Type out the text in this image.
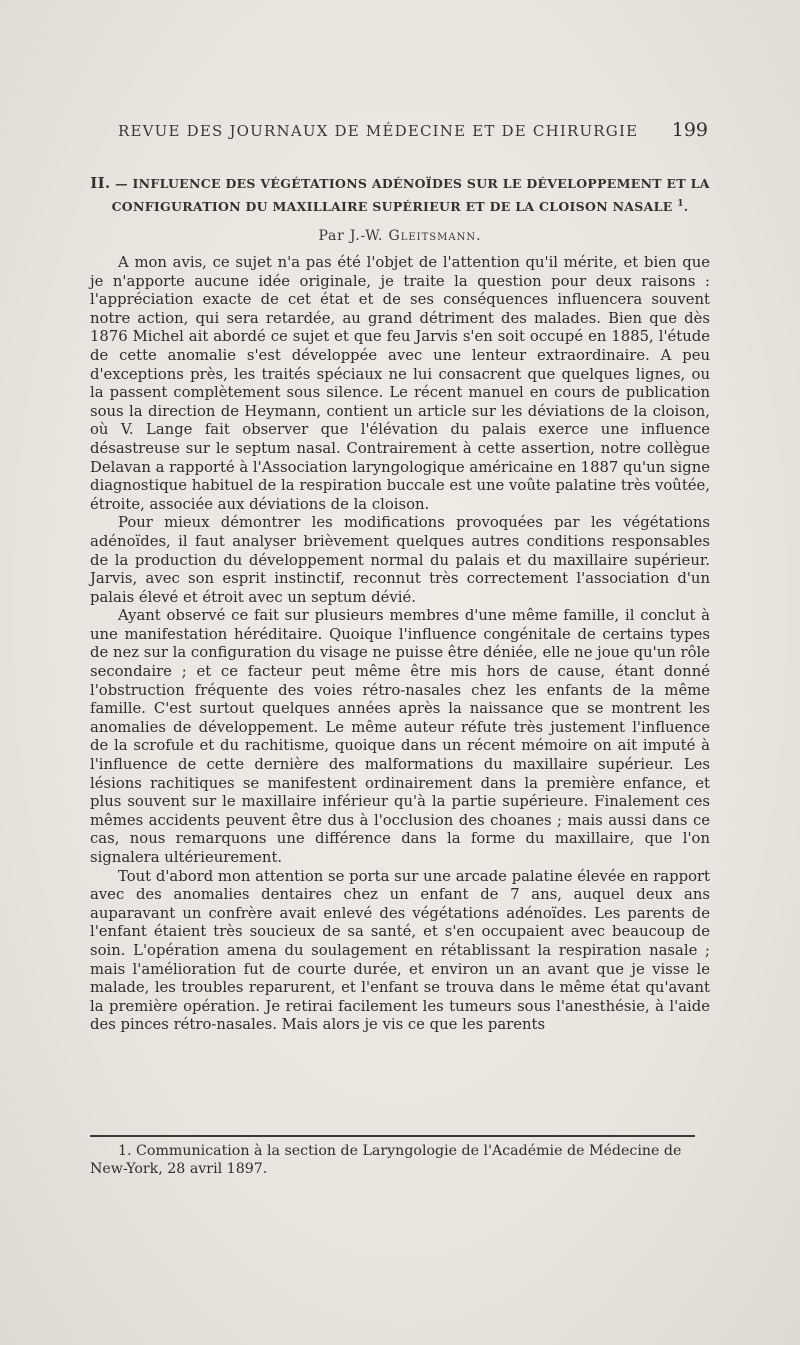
REVUE DES JOURNAUX DE MÉDECINE ET DE CHIRURGIE 199
II. — INFLUENCE DES VÉGÉTATIONS ADÉNOÏDES SUR LE DÉVELOPPEMENT ET LA
CONFIGURATION DU MAXILLAIRE SUPÉRIEUR ET DE LA CLOISON NASALE $^1$.
Par J.-W. Gleitsmann.

A mon avis, ce sujet n'a pas été l'objet de l'attention qu'il mérite, et bien que je n'apporte aucune idée originale, je traite la question pour deux raisons : l'appréciation exacte de cet état et de ses conséquences influencera souvent notre action, qui sera retardée, au grand détriment des malades. Bien que dès 1876 Michel ait abordé ce sujet et que feu Jarvis s'en soit occupé en 1885, l'étude de cette anomalie s'est développée avec une lenteur extraordinaire. A peu d'exceptions près, les traités spéciaux ne lui consacrent que quelques lignes, ou la passent complètement sous silence. Le récent manuel en cours de publication sous la direction de Heymann, contient un article sur les déviations de la cloison, où V. Lange fait observer que l'élévation du palais exerce une influence désastreuse sur le septum nasal. Contrairement à cette assertion, notre collègue Delavan a rapporté à l'Association laryngologique américaine en 1887 qu'un signe diagnostique habituel de la respiration buccale est une voûte palatine très voûtée, étroite, associée aux déviations de la cloison.

Pour mieux démontrer les modifications provoquées par les végétations adénoïdes, il faut analyser brièvement quelques autres conditions responsables de la production du développement normal du palais et du maxillaire supérieur. Jarvis, avec son esprit instinctif, reconnut très correctement l'association d'un palais élevé et étroit avec un septum dévié.

Ayant observé ce fait sur plusieurs membres d'une même famille, il conclut à une manifestation héréditaire. Quoique l'influence congénitale de certains types de nez sur la configuration du visage ne puisse être déniée, elle ne joue qu'un rôle secondaire ; et ce facteur peut même être mis hors de cause, étant donné l'obstruction fréquente des voies rétro-nasales chez les enfants de la même famille. C'est surtout quelques années après la naissance que se montrent les anomalies de développement. Le même auteur réfute très justement l'influence de la scrofule et du rachitisme, quoique dans un récent mémoire on ait imputé à l'influence de cette dernière des malformations du maxillaire supérieur. Les lésions rachitiques se manifestent ordinairement dans la première enfance, et plus souvent sur le maxillaire inférieur qu'à la partie supérieure. Finalement ces mêmes accidents peuvent être dus à l'occlusion des choanes ; mais aussi dans ce cas, nous remarquons une différence dans la forme du maxillaire, que l'on signalera ultérieurement.

Tout d'abord mon attention se porta sur une arcade palatine élevée en rapport avec des anomalies dentaires chez un enfant de 7 ans, auquel deux ans auparavant un confrère avait enlevé des végétations adénoïdes. Les parents de l'enfant étaient très soucieux de sa santé, et s'en occupaient avec beaucoup de soin. L'opération amena du soulagement en rétablissant la respiration nasale ; mais l'amélioration fut de courte durée, et environ un an avant que je visse le malade, les troubles reparurent, et l'enfant se trouva dans le même état qu'avant la première opération. Je retirai facilement les tumeurs sous l'anesthésie, à l'aide des pinces rétro-nasales. Mais alors je vis ce que les parents

1. Communication à la section de Laryngologie de l'Académie de Médecine de New-York, 28 avril 1897.
